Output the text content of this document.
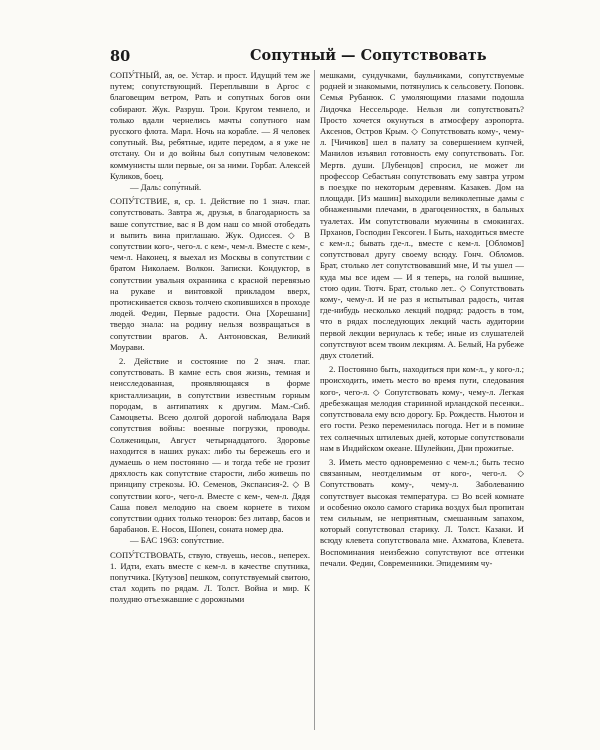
80	Сопутный — Сопутствовать

СОПУ́ТНЫЙ, ая, ое. Устар. и прост. Идущий тем же путем; сопутствующий. Переплывши в Аргос с благовещим ветром, Рать и сопутных богов они собирают. Жук. Разруш. Трои. Кругом темнело, и только вдали чернелись мачты сопутного нам русского флота. Марл. Ночь на корабле. — Я человек сопутный. Вы, ребятные, идите передом, а я уже не отстану. Он и до войны был сопутным человеком: коммунисты шли первые, он за ними. Горбат. Алексей Куликов, боец.

— Даль: сопу́тный.

СОПУ́ТСТВИЕ, я, ср. 1. Действие по 1 знач. глаг. сопутствовать. Завтра ж, друзья, в благодарность за ваше сопутствие, вас я В дом наш со мной отобедать и выпить вина приглашаю. Жук. Одиссея. ◇ В сопутствии кого-, чего-л. с кем-, чем-л. Вместе с кем-, чем-л. Наконец, я выехал из Москвы в сопутствии с братом Николаем. Волкон. Записки. Кондуктор, в сопутствии увальня охранника с красной перевязью на рукаве и винтовкой прикладом вверх, протискивается сквозь толчею скопившихся в проходе людей. Федин, Первые радости. Она [Хорешани] твердо знала: на родину нельзя возвращаться в сопутствии врагов. А. Антоновская, Великий Моурави.

2. Действие и состояние по 2 знач. глаг. сопутствовать. В камне есть своя жизнь, темная и неисследованная, проявляющаяся в форме кристаллизации, в сопутствии известным горным породам, в антипатиях к другим. Мам.-Сиб. Самоцветы. Всею долгой дорогой наблюдала Варя сопутствия войны: военные погрузки, проводы. Солженицын, Август четырнадцатого. Здоровье находится в наших руках: либо ты бережешь его и думаешь о нем постоянно — и тогда тебе не грозит дряхлость как сопутствие старости, либо живешь по принципу стрекозы. Ю. Семенов, Экспансия-2. ◇ В сопутствии кого-, чего-л. Вместе с кем-, чем-л. Дядя Саша повел мелодию на своем корнете в тихом сопутствии одних только теноров: без литавр, басов и барабанов. Е. Носов, Шопен, соната номер два.

— БАС 1963: сопу́тствие.

СОПУ́ТСТВОВАТЬ, ствую, ствуешь, несов., неперех. 1. Идти, ехать вместе с кем-л. в качестве спутника, попутчика. [Кутузов] пешком, сопутствуемый свитою, стал ходить по рядам. Л. Толст. Война и мир. К полудню отъезжавшие с дорожными

мешками, сундучками, баульчиками, сопутствуемые родней и знакомыми, потянулись к сельсовету. Поповк. Семья Рубанюк. С умоляющими глазами подошла Лидочка Нессельроде. Нельзя ли сопутствовать? Просто хочется окунуться в атмосферу аэропорта. Аксенов, Остров Крым. ◇ Сопутствовать кому-, чему-л. [Чичиков] шел в палату за совершением купчей, Манилов изъявил готовность ему сопутствовать. Гог. Мертв. души. [Лубенцов] спросил, не может ли профессор Себастьян сопутствовать ему завтра утром в поездке по некоторым деревням. Казакев. Дом на площади. [Из машин] выходили великолепные дамы с обнаженными плечами, в драгоценностях, в бальных туалетах. Им сопутствовали мужчины в смокингах. Прханов, Господин Гексоген. ‖ Быть, находиться вместе с кем-л.; бывать где-л., вместе с кем-л. [Обломов] сопутствовал другу своему всюду. Гонч. Обломов. Брат, столько лет сопутствовавший мне, И ты ушел — куда мы все идем — И я теперь, на голой вышине, стою один. Тютч. Брат, столько лет.. ◇ Сопутствовать кому-, чему-л. И не раз я испытывал радость, читая где-нибудь несколько лекций подряд: радость в том, что в рядах последующих лекций часть аудитории первой лекции вернулась к тебе; иные из слушателей сопутствуют всем твоим лекциям. А. Белый, На рубеже двух столетий.

2. Постоянно быть, находиться при ком-л., у кого-л.; происходить, иметь место во время пути, следования кого-, чего-л. ◇ Сопутствовать кому-, чему-л. Легкая дребезжащая мелодия старинной ирландской песенки.. сопутствовала ему всю дорогу. Бр. Рождеств. Ньютон и его гости. Резко переменилась погода. Нет и в помине тех солнечных штилевых дней, которые сопутствовали нам в Индийском океане. Шулейкин, Дни прожитые.

3. Иметь место одновременно с чем-л.; быть тесно связанным, неотделимым от кого-, чего-л. ◇ Сопутствовать кому-, чему-л. Заболеванию сопутствует высокая температура. ▭ Во всей комнате и особенно около самого старика воздух был пропитан тем сильным, не неприятным, смешанным запахом, который сопутствовал старику. Л. Толст. Казаки. И всюду клевета сопутствовала мне. Ахматова, Клевета. Воспоминания неизбежно сопутствуют все оттенки печали. Федин, Современники. Эпидемиям чу-
